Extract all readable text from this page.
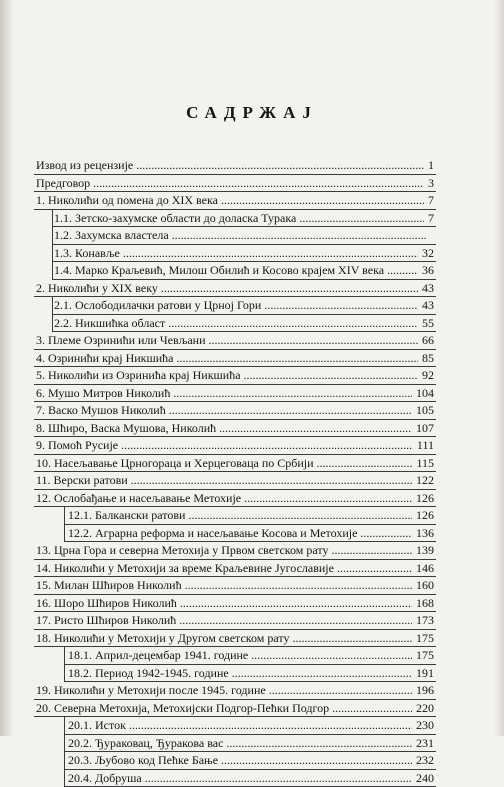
САДРЖАЈ
Извод из рецензије .....	1
Предговор .....	3
1. Николићи од помена до XIX века .....	7
1.1. Зетско-захумске области до доласка Турака .....	7
1.2. Захумска властела .....
1.3. Конавље .....	32
1.4. Марко Краљевић, Милош Обилић и Косово крајем XIV века .....	36
2. Николићи у XIX веку .....	43
2.1. Ослободилачки ратови у Црној Гори .....	43
2.2. Никшићка област .....	55
3. Племе Озринићи или Чевљани .....	66
4. Озринићи крај Никшића .....	85
5. Николићи из Озринића крај Никшића .....	92
6. Мушо Митров Николић .....	104
7. Васко Мушов Николић .....	105
8. Шћиро, Васка Мушова, Николић .....	107
9. Помоћ Русије .....	111
10. Насељавање Црногораца и Херцеговаца по Србији .....	115
11. Верски ратови .....	122
12. Ослобађање и насељавање Метохије .....	126
12.1. Балкански ратови .....	126
12.2. Аграрна реформа и насељавање Косова и Метохије .....	136
13. Црна Гора и северна Метохија у Првом светском рату .....	139
14. Николићи у Метохији за време Краљевине Југославије .....	146
15. Милан Шћиров Николић .....	160
16. Шоро Шћиров Николић .....	168
17. Ристо Шћиров Николић .....	173
18. Николићи у Метохији у Другом светском рату .....	175
18.1. Април-децембар 1941. године .....	175
18.2. Период 1942-1945. године .....	191
19. Николићи у Метохији после 1945. године .....	196
20. Северна Метохија, Метохијски Подгор-Пећки Подгор .....	220
20.1. Исток .....	230
20.2. Ђураковац, Ђуракова вас .....	231
20.3. Љубово код Пећке Бање .....	232
20.4. Добруша .....	240
